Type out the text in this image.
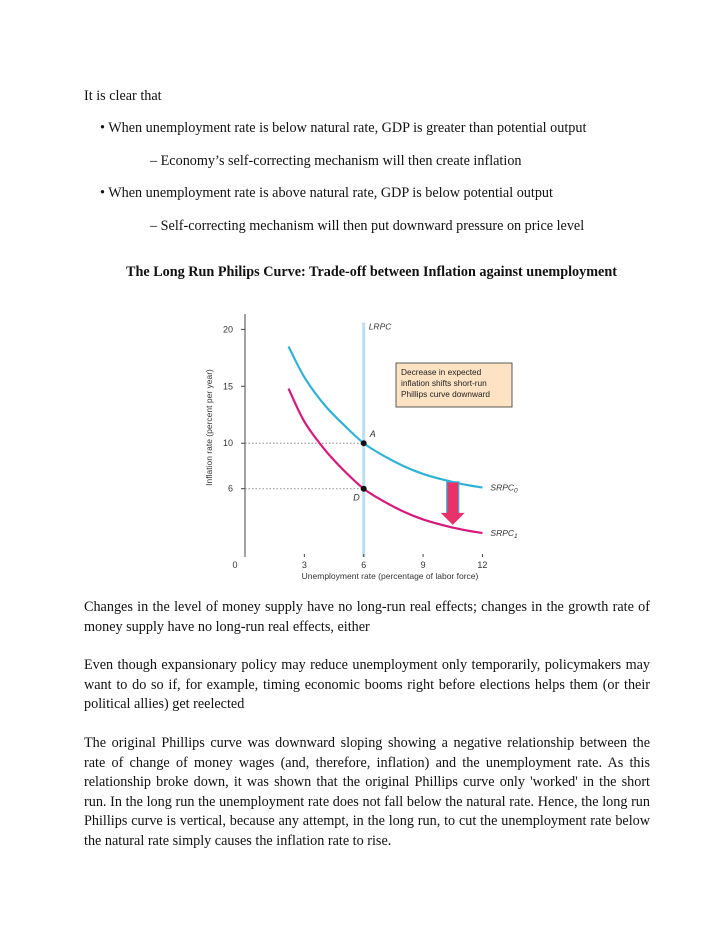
It is clear that
• When unemployment rate is below natural rate, GDP is greater than potential output
– Economy’s self-correcting mechanism will then create inflation
• When unemployment rate is above natural rate, GDP is below potential output
– Self-correcting mechanism will then put downward pressure on price level
The Long Run Philips Curve: Trade-off between Inflation against unemployment
LRPC
6
10
15
20
0	3	6	9	12
Unemployment rate (percentage of labor force)
Inflation rate (percent per year)
$SRPC_0$
$SRPC_1$
A
D
Decrease in expected
inflation shifts short-run
Phillips curve downward
Changes in the level of money supply have no long-run real effects; changes in the growth rate of money supply have no long-run real effects, either
Even though expansionary policy may reduce unemployment only temporarily, policymakers may want to do so if, for example, timing economic booms right before elections helps them (or their political allies) get reelected
The original Phillips curve was downward sloping showing a negative relationship between the rate of change of money wages (and, therefore, inflation) and the unemployment rate. As this relationship broke down, it was shown that the original Phillips curve only 'worked' in the short run. In the long run the unemployment rate does not fall below the natural rate. Hence, the long run Phillips curve is vertical, because any attempt, in the long run, to cut the unemployment rate below the natural rate simply causes the inflation rate to rise.
